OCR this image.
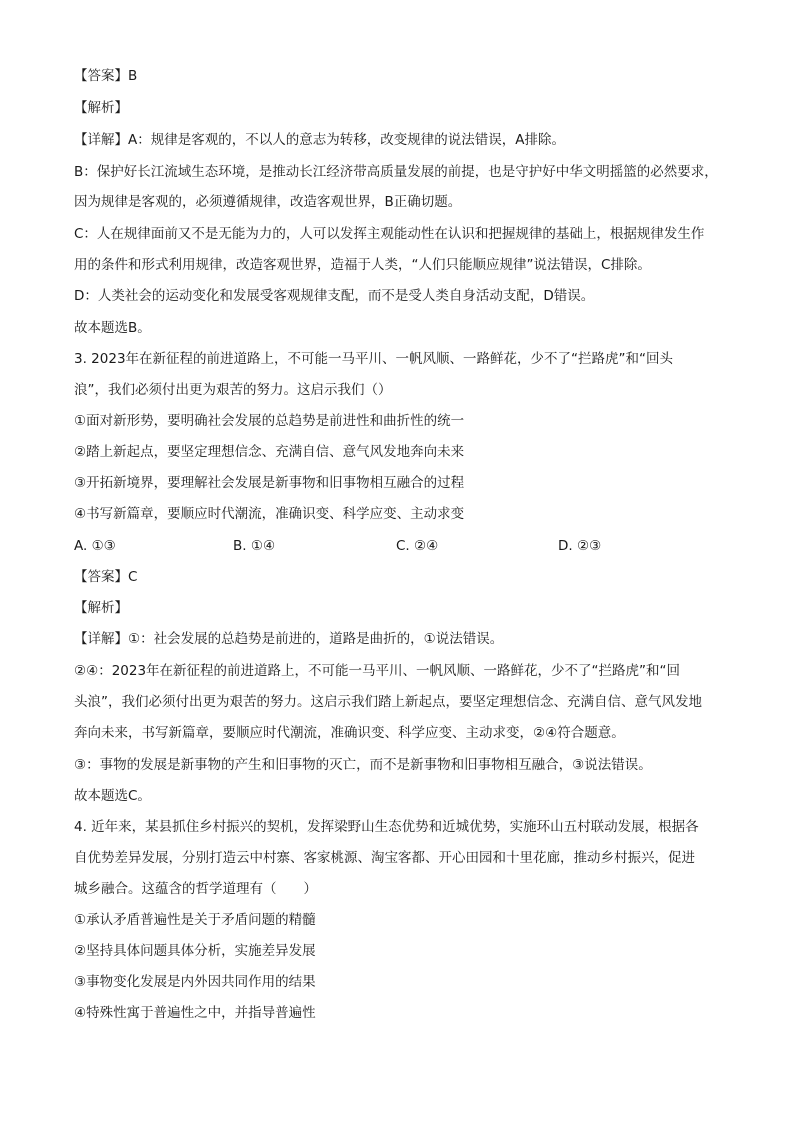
【答案】B
【解析】
【详解】A：规律是客观的，不以人的意志为转移，改变规律的说法错误，A排除。
B：保护好长江流域生态环境，是推动长江经济带高质量发展的前提，也是守护好中华文明摇篮的必然要求，
因为规律是客观的，必须遵循规律，改造客观世界，B正确切题。
C：人在规律面前又不是无能为力的，人可以发挥主观能动性在认识和把握规律的基础上，根据规律发生作
用的条件和形式利用规律，改造客观世界，造福于人类，“人们只能顺应规律”说法错误，C排除。
D：人类社会的运动变化和发展受客观规律支配，而不是受人类自身活动支配，D错误。
故本题选B。
3. 2023年在新征程的前进道路上，不可能一马平川、一帆风顺、一路鲜花，少不了“拦路虎”和“回头
浪”，我们必须付出更为艰苦的努力。这启示我们（）
①面对新形势，要明确社会发展的总趋势是前进性和曲折性的统一
②踏上新起点，要坚定理想信念、充满自信、意气风发地奔向未来
③开拓新境界，要理解社会发展是新事物和旧事物相互融合的过程
④书写新篇章，要顺应时代潮流，准确识变、科学应变、主动求变
A. ①③	B. ①④	C. ②④	D. ②③
【答案】C
【解析】
【详解】①：社会发展的总趋势是前进的，道路是曲折的，①说法错误。
②④：2023年在新征程的前进道路上，不可能一马平川、一帆风顺、一路鲜花，少不了“拦路虎”和“回
头浪”，我们必须付出更为艰苦的努力。这启示我们踏上新起点，要坚定理想信念、充满自信、意气风发地
奔向未来，书写新篇章，要顺应时代潮流，准确识变、科学应变、主动求变，②④符合题意。
③：事物的发展是新事物的产生和旧事物的灭亡，而不是新事物和旧事物相互融合，③说法错误。
故本题选C。
4. 近年来，某县抓住乡村振兴的契机，发挥梁野山生态优势和近城优势，实施环山五村联动发展，根据各
自优势差异发展，分别打造云中村寨、客家桃源、淘宝客都、开心田园和十里花廊，推动乡村振兴，促进
城乡融合。这蕴含的哲学道理有（　　）
①承认矛盾普遍性是关于矛盾问题的精髓
②坚持具体问题具体分析，实施差异发展
③事物变化发展是内外因共同作用的结果
④特殊性寓于普遍性之中，并指导普遍性
